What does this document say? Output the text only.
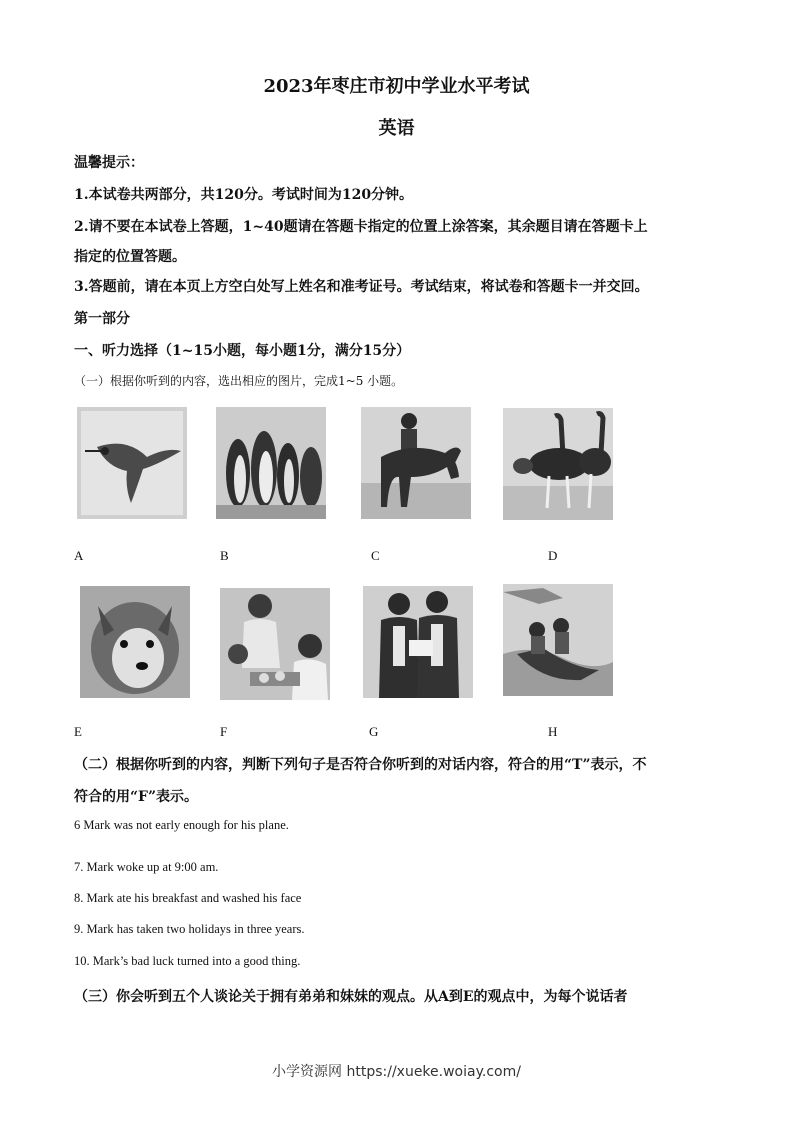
2023年枣庄市初中学业水平考试
英语
温馨提示：
1.本试卷共两部分，共120分。考试时间为120分钟。
2.请不要在本试卷上答题，1~40题请在答题卡指定的位置上涂答案，其余题目请在答题卡上
指定的位置答题。
3.答题前，请在本页上方空白处写上姓名和准考证号。考试结束，将试卷和答题卡一并交回。
第一部分
一、听力选择（1~15小题，每小题1分，满分15分）
（一）根据你听到的内容，选出相应的图片，完成1~5 小题。
A	B	C	D
E	F	G	H
（二）根据你听到的内容，判断下列句子是否符合你听到的对话内容，符合的用“T”表示，不
符合的用“F”表示。
6 Mark was not early enough for his plane.
7. Mark woke up at 9:00 am.
8. Mark ate his breakfast and washed his face
9. Mark has taken two holidays in three years.
10. Mark’s bad luck turned into a good thing.
（三）你会听到五个人谈论关于拥有弟弟和妹妹的观点。从A到E的观点中，为每个说话者
小学资源网 https://xueke.woiay.com/
